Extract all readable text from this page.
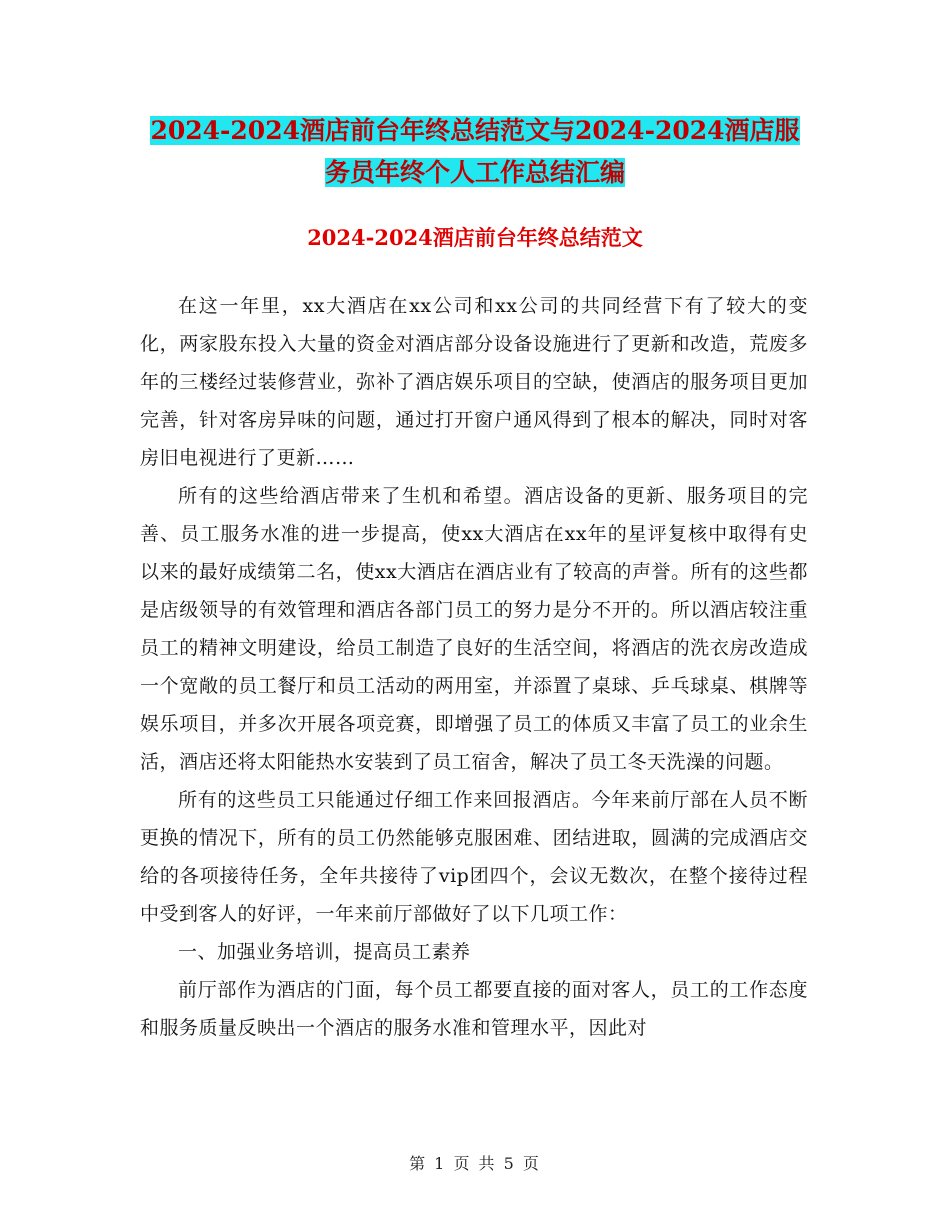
2024-2024酒店前台年终总结范文与2024-2024酒店服务员年终个人工作总结汇编
2024-2024酒店前台年终总结范文

在这一年里，xx大酒店在xx公司和xx公司的共同经营下有了较大的变化，两家股东投入大量的资金对酒店部分设备设施进行了更新和改造，荒废多年的三楼经过装修营业，弥补了酒店娱乐项目的空缺，使酒店的服务项目更加完善，针对客房异味的问题，通过打开窗户通风得到了根本的解决，同时对客房旧电视进行了更新……

所有的这些给酒店带来了生机和希望。酒店设备的更新、服务项目的完善、员工服务水准的进一步提高，使xx大酒店在xx年的星评复核中取得有史以来的最好成绩第二名，使xx大酒店在酒店业有了较高的声誉。所有的这些都是店级领导的有效管理和酒店各部门员工的努力是分不开的。所以酒店较注重员工的精神文明建设，给员工制造了良好的生活空间，将酒店的洗衣房改造成一个宽敞的员工餐厅和员工活动的两用室，并添置了桌球、乒乓球桌、棋牌等娱乐项目，并多次开展各项竞赛，即增强了员工的体质又丰富了员工的业余生活，酒店还将太阳能热水安装到了员工宿舍，解决了员工冬天洗澡的问题。

所有的这些员工只能通过仔细工作来回报酒店。今年来前厅部在人员不断更换的情况下，所有的员工仍然能够克服困难、团结进取，圆满的完成酒店交给的各项接待任务，全年共接待了vip团四个，会议无数次，在整个接待过程中受到客人的好评，一年来前厅部做好了以下几项工作：

一、加强业务培训，提高员工素养

前厅部作为酒店的门面，每个员工都要直接的面对客人，员工的工作态度和服务质量反映出一个酒店的服务水准和管理水平，因此对

第 1 页 共 5 页
